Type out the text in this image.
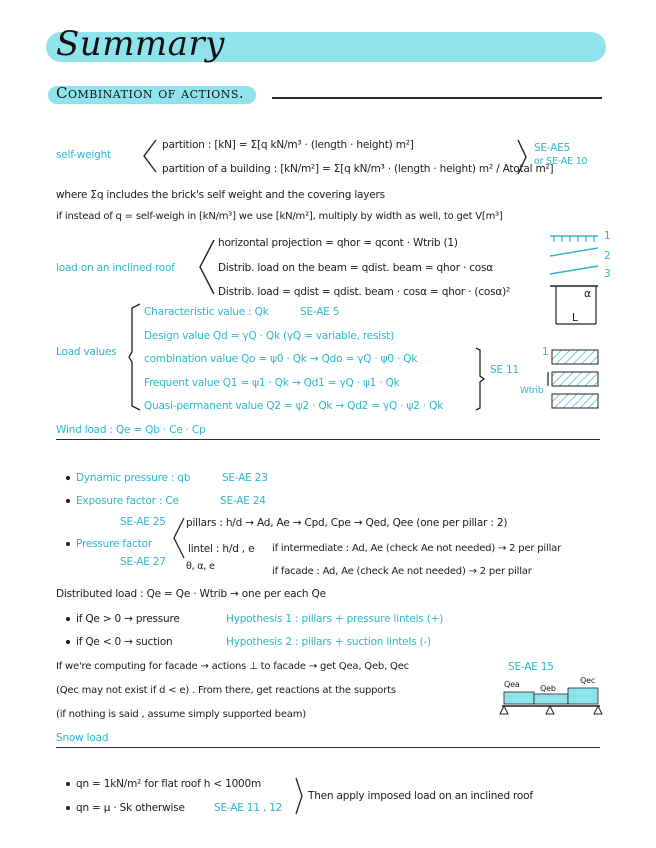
Summary
Combination of actions.
self-weight
partition : [kN] = Σ[q kN/m³ · (length · height) m²]
partition of a building : [kN/m²] = Σ[q kN/m³ · (length · height) m² / Atotal m²]
SE-AE5
or SE-AE 10
where Σq includes the brick's self weight and the covering layers
if instead of q = self-weigh in [kN/m³] we use [kN/m²], multiply by width as well, to get V[m³]
load on an inclined roof
horizontal projection = qhor = qcont · Wtrib (1)
Distrib. load on the beam = qdist. beam = qhor · cosα
Distrib. load = qdist = qdist. beam · cosα = qhor · (cosα)²
1
2
3
α
L
Load values
Characteristic value : Qk	SE-AE 5
Design value Qd = γQ · Qk (γQ = variable, resist)
combination value Qo = ψ0 · Qk → Qdo = γQ · ψ0 · Qk
Frequent value Q1 = ψ1 · Qk → Qd1 = γQ · ψ1 · Qk
Quasi-permanent value Q2 = ψ2 · Qk → Qd2 = γQ · ψ2 · Qk
SE 11
1
Wtrib
Wind load : Qe = Qb · Ce · Cp
Dynamic pressure : qb	SE-AE 23
Exposure factor : Ce	SE-AE 24
SE-AE 25 pillars : h/d → Ad, Ae → Cpd, Cpe → Qed, Qee (one per pillar : 2)
Pressure factor
SE-AE 27
lintel : h/d , e
θ, α, e
if intermediate : Ad, Ae (check Ae not needed) → 2 per pillar
if facade : Ad, Ae (check Ae not needed) → 2 per pillar
Distributed load : Qe = Qe · Wtrib → one per each Qe
if Qe > 0 → pressure
if Qe < 0 → suction
Hypothesis 1 : pillars + pressure lintels (+)
Hypothesis 2 : pillars + suction lintels (-)
If we're computing for facade → actions ⊥ to facade → get Qea, Qeb, Qec	SE-AE 15
(Qec may not exist if d < e) . From there, get reactions at the supports
(if nothing is said , assume simply supported beam)
Qea	Qeb
Qec
Snow load
qn = 1kN/m² for flat roof h < 1000m
qn = μ · Sk otherwise	SE-AE 11 , 12
Then apply imposed load on an inclined roof
